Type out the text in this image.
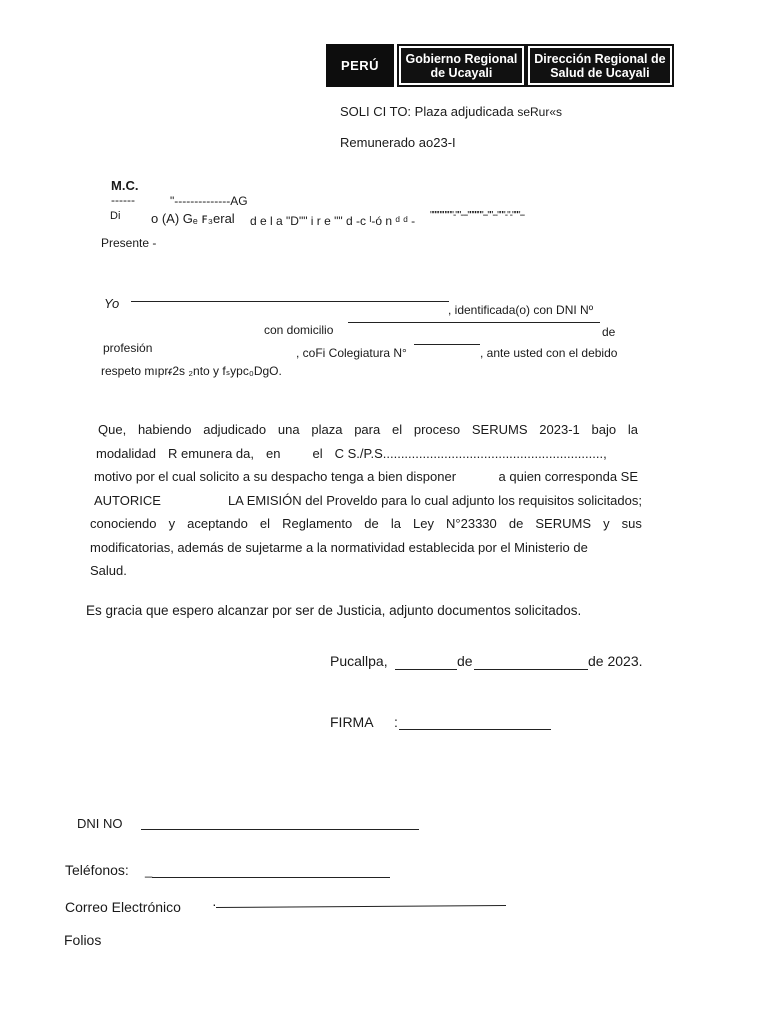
PERÚ	Gobierno Regional
de Ucayali
Dirección Regional de
Salud de Ucayali
SOLI CI TO: Plaza adjudicada seRur«s
Remunerado ao23-I
M.C.
------	"--------------AG
Di o (A) Gₑ ꜰ₃eral d e l a "D"" i r e "" d -c ᴵ-ó n ᵈ ᵈ - """""""""-""---""""""--""--"""-"-"""--
Presente -
Yo	, identificada(o) con DNI Nº
con domicilio	de
profesión	, coFi Colegiatura N°	, ante usted con el debido
respeto mıprᵳ2s ₂nto y fₛypc₀DgO.
Que, habiendo adjudicado una plaza para el proceso SERUMS 2023-1 bajo la
modalidad R emunera da, en el C S./P.S.............................................................,
motivo por el cual solicito a su despacho tenga a bien disponer	a quien corresponda SE
AUTORICE	LA EMISIÓN del Proveldo para lo cual adjunto los requisitos solicitados;
conociendo y aceptando el Reglamento de la Ley N°23330 de SERUMS y sus
modificatorias, además de sujetarme a la normatividad establecida por el Ministerio de
Salud.
Es gracia que espero alcanzar por ser de Justicia, adjunto documentos solicitados.
Pucallpa,	de	de 2023.
FIRMA :
DNI NO
Teléfonos: _
Correo Electrónico ·
Folios
